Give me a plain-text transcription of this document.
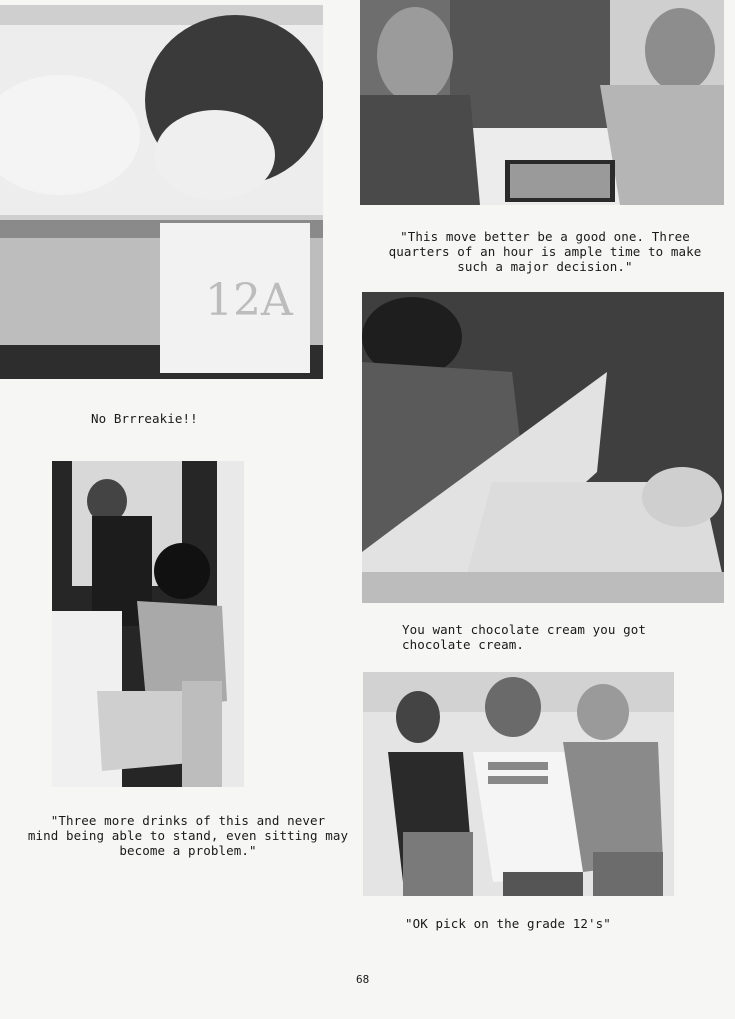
12A
"This move better be a good one. Three
quarters of an hour is ample time to make
such a major decision."
No Brrreakie!!
You want chocolate cream you got
chocolate cream.
"Three more drinks of this and never
mind being able to stand, even sitting may
become a problem."
"OK pick on the grade 12's"
68
